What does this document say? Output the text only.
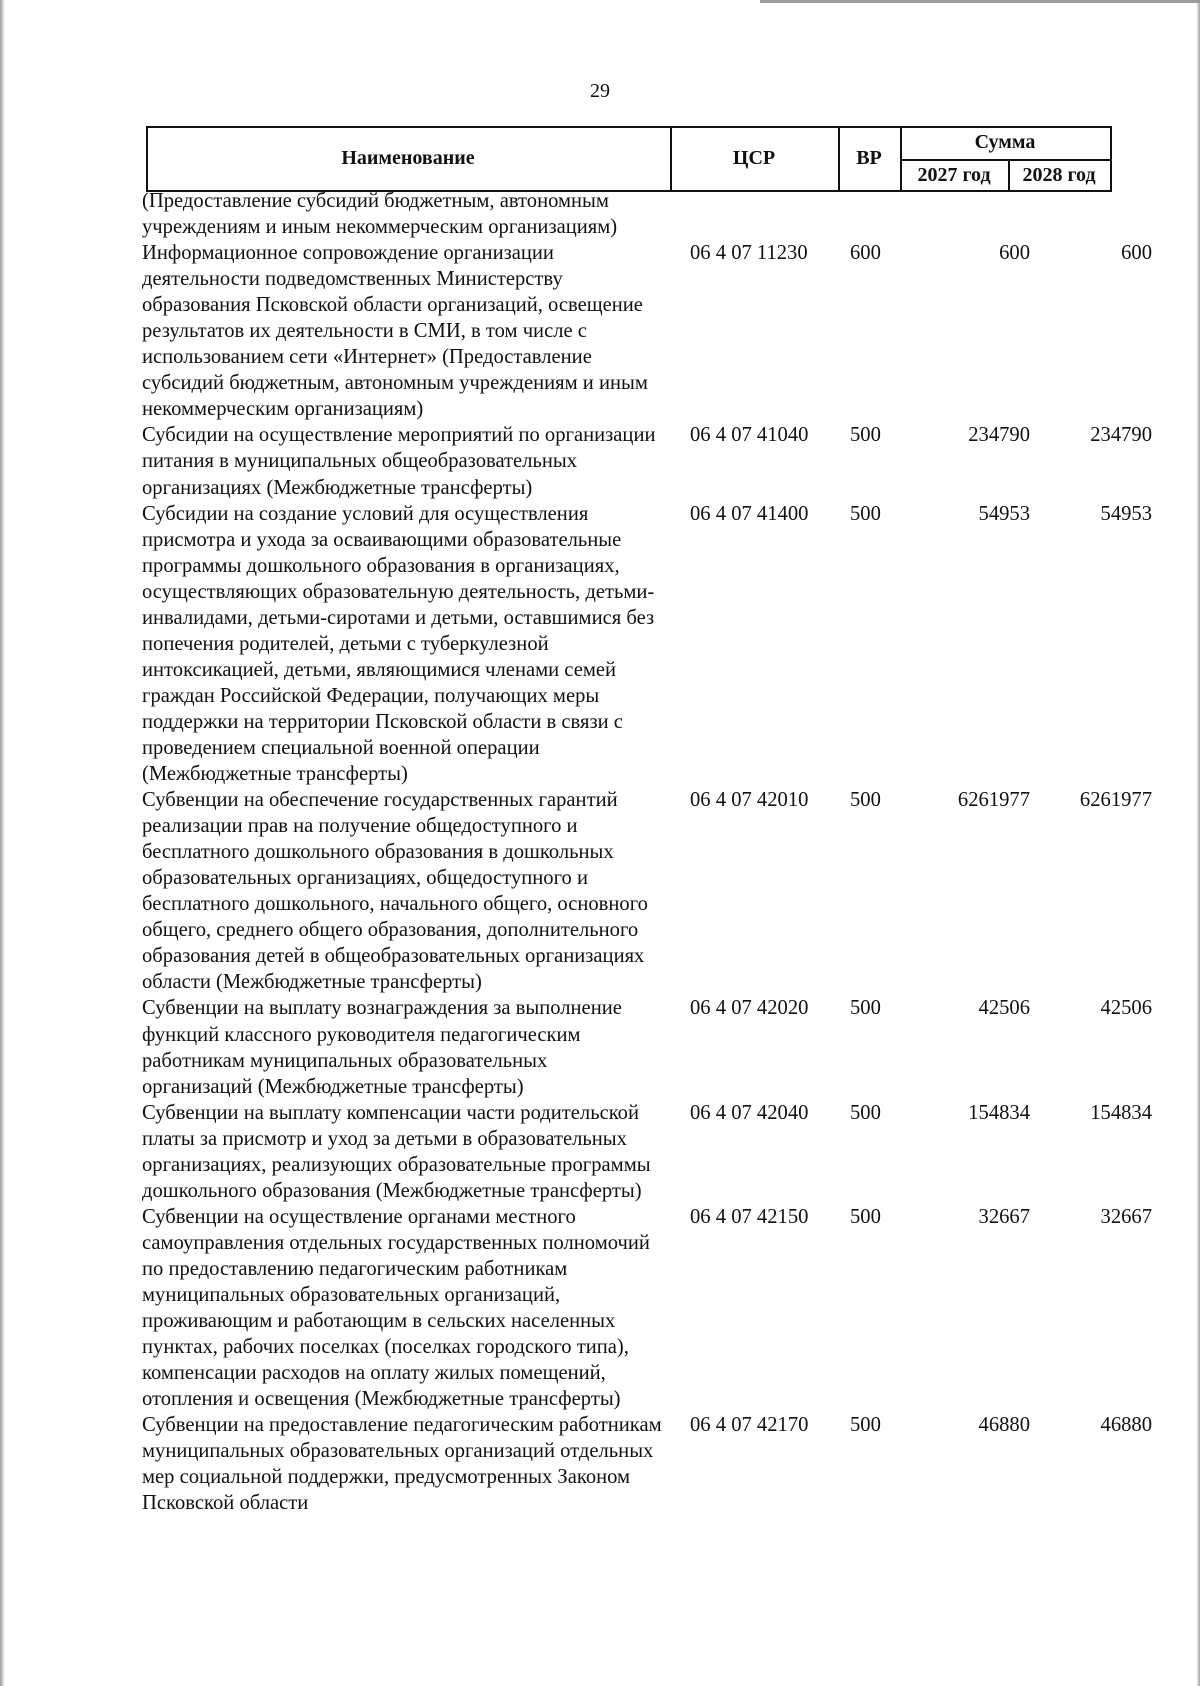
29
Наименование	ЦСР	ВР
Сумма
2027 год	2028 год
(Предоставление субсидий бюджетным, автономным учреждениям и иным некоммерческим организациям)
Информационное сопровождение организации деятельности подведомственных Министерству образования Псковской области организаций, освещение результатов их деятельности в СМИ, в том числе с использованием сети «Интернет» (Предоставление субсидий бюджетным, автономным учреждениям и иным некоммерческим организациям)
06 4 07 11230	600	600	600
Субсидии на осуществление мероприятий по организации питания в муниципальных общеобразовательных организациях (Межбюджетные трансферты)
06 4 07 41040	500	234790	234790
Субсидии на создание условий для осуществления присмотра и ухода за осваивающими образовательные программы дошкольного образования в организациях, осуществляющих образовательную деятельность, детьми-инвалидами, детьми-сиротами и детьми, оставшимися без попечения родителей, детьми с туберкулезной интоксикацией, детьми, являющимися членами семей граждан Российской Федерации, получающих меры поддержки на территории Псковской области в связи с проведением специальной военной операции (Межбюджетные трансферты)
06 4 07 41400	500	54953	54953
Субвенции на обеспечение государственных гарантий реализации прав на получение общедоступного и бесплатного дошкольного образования в дошкольных образовательных организациях, общедоступного и бесплатного дошкольного, начального общего, основного общего, среднего общего образования, дополнительного образования детей в общеобразовательных организациях области (Межбюджетные трансферты)
06 4 07 42010	500	6261977	6261977
Субвенции на выплату вознаграждения за выполнение функций классного руководителя педагогическим работникам муниципальных образовательных организаций (Межбюджетные трансферты)
06 4 07 42020	500	42506	42506
Субвенции на выплату компенсации части родительской платы за присмотр и уход за детьми в образовательных организациях, реализующих образовательные программы дошкольного образования (Межбюджетные трансферты)
06 4 07 42040	500	154834	154834
Субвенции на осуществление органами местного самоуправления отдельных государственных полномочий по предоставлению педагогическим работникам муниципальных образовательных организаций, проживающим и работающим в сельских населенных пунктах, рабочих поселках (поселках городского типа), компенсации расходов на оплату жилых помещений, отопления и освещения (Межбюджетные трансферты)
06 4 07 42150	500	32667	32667
Субвенции на предоставление педагогическим работникам муниципальных образовательных организаций отдельных мер социальной поддержки, предусмотренных Законом Псковской области
06 4 07 42170	500	46880	46880
